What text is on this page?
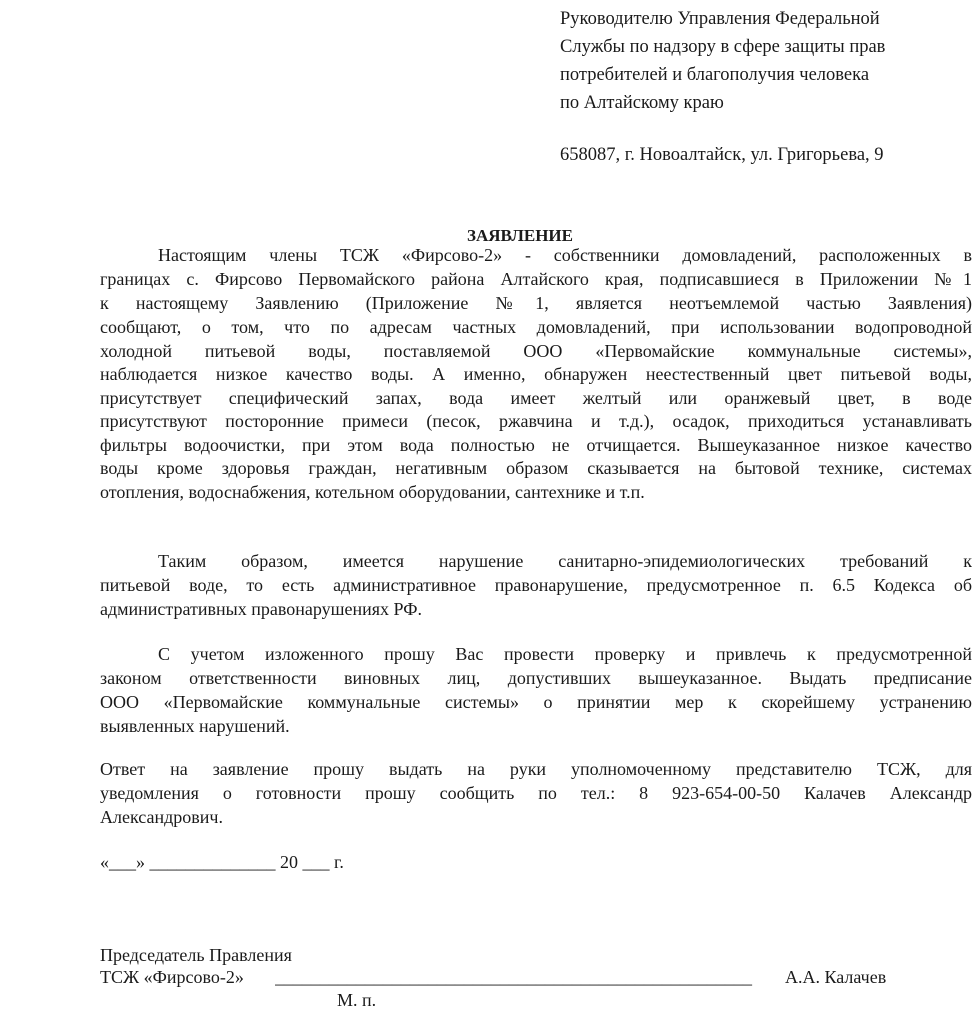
Руководителю Управления Федеральной
Службы по надзору в сфере защиты прав
потребителей и благополучия человека
по Алтайскому краю
658087, г. Новоалтайск, ул. Григорьева, 9
ЗАЯВЛЕНИЕ
Настоящим члены ТСЖ «Фирсово-2» - собственники домовладений, расположенных в
границах с. Фирсово Первомайского района Алтайского края, подписавшиеся в Приложении №1
к настоящему Заявлению (Приложение №1, является неотъемлемой частью Заявления)
сообщают, о том, что по адресам частных домовладений, при использовании водопроводной
холодной питьевой воды, поставляемой ООО «Первомайские коммунальные системы»,
наблюдается низкое качество воды. А именно, обнаружен неестественный цвет питьевой воды,
присутствует специфический запах, вода имеет желтый или оранжевый цвет, в воде
присутствуют посторонние примеси (песок, ржавчина и т.д.), осадок, приходиться устанавливать
фильтры водоочистки, при этом вода полностью не отчищается. Вышеуказанное низкое качество
воды кроме здоровья граждан, негативным образом сказывается на бытовой технике, системах
отопления, водоснабжения, котельном оборудовании, сантехнике и т.п.
Таким образом, имеется нарушение санитарно-эпидемиологических требований к
питьевой воде, то есть административное правонарушение, предусмотренное п. 6.5 Кодекса об
административных правонарушениях РФ.
С учетом изложенного прошу Вас провести проверку и привлечь к предусмотренной
законом ответственности виновных лиц, допустивших вышеуказанное. Выдать предписание
ООО «Первомайские коммунальные системы» о принятии мер к скорейшему устранению
выявленных нарушений.
Ответ на заявление прошу выдать на руки уполномоченному представителю ТСЖ, для
уведомления о готовности прошу сообщить по тел.: 8 923-654-00-50 Калачев Александр
Александрович.
«___» ______________ 20 ___ г.
Председатель Правления
ТСЖ «Фирсово-2» _____________________________________________________	А.А. Калачев
М. п.
